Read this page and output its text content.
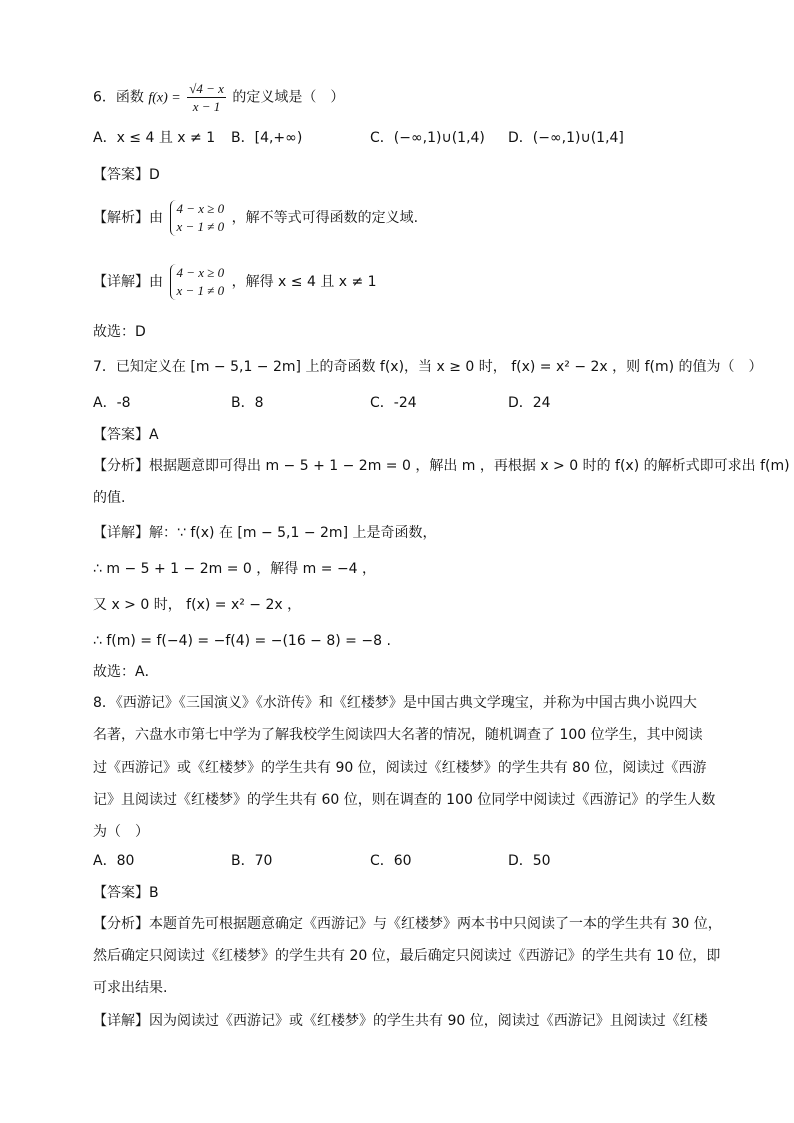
6．函数 $f(x) = \frac{√4 - x}{x - 1}$ 的定义域是（　）
A．x ≤ 4 且 x ≠ 1 B．[4,+∞)	C．(−∞,1)∪(1,4) D．(−∞,1)∪(1,4]
【答案】D
【解析】由
4 − x ≥ 0
x − 1 ≠ 0
，解不等式可得函数的定义域.
【详解】由
4 − x ≥ 0
x − 1 ≠ 0
，解得 x ≤ 4 且 x ≠ 1
故选：D
7．已知定义在 [m − 5,1 − 2m] 上的奇函数 f(x)，当 x ≥ 0 时， f(x) = x² − 2x ，则 f(m) 的值为（　）
A．-8	B．8	C．-24	D．24
【答案】A
【分析】根据题意即可得出 m − 5 + 1 − 2m = 0 ，解出 m ，再根据 x > 0 时的 f(x) 的解析式即可求出 f(m)
的值.
【详解】解：∵ f(x) 在 [m − 5,1 − 2m] 上是奇函数，
∴ m − 5 + 1 − 2m = 0 ，解得 m = −4 ，
又 x > 0 时， f(x) = x² − 2x ，
∴ f(m) = f(−4) = −f(4) = −(16 − 8) = −8 .
故选：A．
8．《西游记》《三国演义》《水浒传》和《红楼梦》是中国古典文学瑰宝，并称为中国古典小说四大
名著，六盘水市第七中学为了解我校学生阅读四大名著的情况，随机调查了 100 位学生，其中阅读
过《西游记》或《红楼梦》的学生共有 90 位，阅读过《红楼梦》的学生共有 80 位，阅读过《西游
记》且阅读过《红楼梦》的学生共有 60 位，则在调查的 100 位同学中阅读过《西游记》的学生人数
为（　）
A．80	B．70	C．60	D．50
【答案】B
【分析】本题首先可根据题意确定《西游记》与《红楼梦》两本书中只阅读了一本的学生共有 30 位，
然后确定只阅读过《红楼梦》的学生共有 20 位，最后确定只阅读过《西游记》的学生共有 10 位，即
可求出结果.
【详解】因为阅读过《西游记》或《红楼梦》的学生共有 90 位，阅读过《西游记》且阅读过《红楼
